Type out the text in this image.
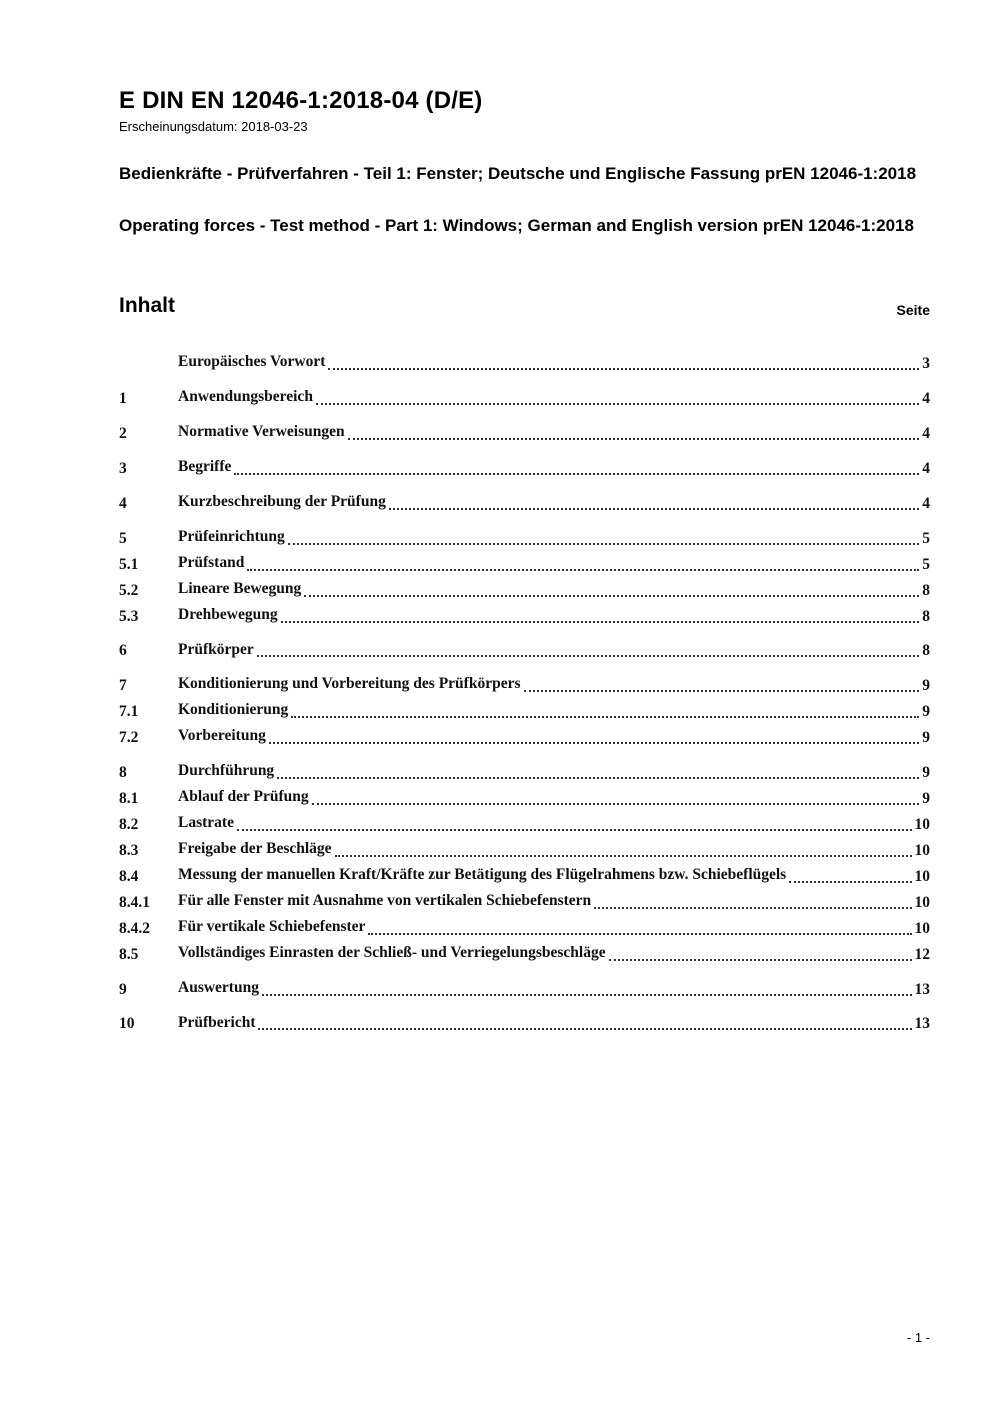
E DIN EN 12046-1:2018-04 (D/E)
Erscheinungsdatum: 2018-03-23
Bedienkräfte - Prüfverfahren - Teil 1: Fenster; Deutsche und Englische Fassung prEN 12046-1:2018
Operating forces - Test method - Part 1: Windows; German and English version prEN 12046-1:2018
Inhalt	Seite
Europäisches Vorwort	3
1	Anwendungsbereich	4
2	Normative Verweisungen	4
3	Begriffe	4
4	Kurzbeschreibung der Prüfung	4
5	Prüfeinrichtung	5
5.1	Prüfstand	5
5.2	Lineare Bewegung	8
5.3	Drehbewegung	8
6	Prüfkörper	8
7	Konditionierung und Vorbereitung des Prüfkörpers	9
7.1	Konditionierung	9
7.2	Vorbereitung	9
8	Durchführung	9
8.1	Ablauf der Prüfung	9
8.2	Lastrate	10
8.3	Freigabe der Beschläge	10
8.4	Messung der manuellen Kraft/Kräfte zur Betätigung des Flügelrahmens bzw. Schiebeflügels	10
8.4.1	Für alle Fenster mit Ausnahme von vertikalen Schiebefenstern	10
8.4.2	Für vertikale Schiebefenster	10
8.5	Vollständiges Einrasten der Schließ- und Verriegelungsbeschläge	12
9	Auswertung	13
10	Prüfbericht	13
- 1 -
